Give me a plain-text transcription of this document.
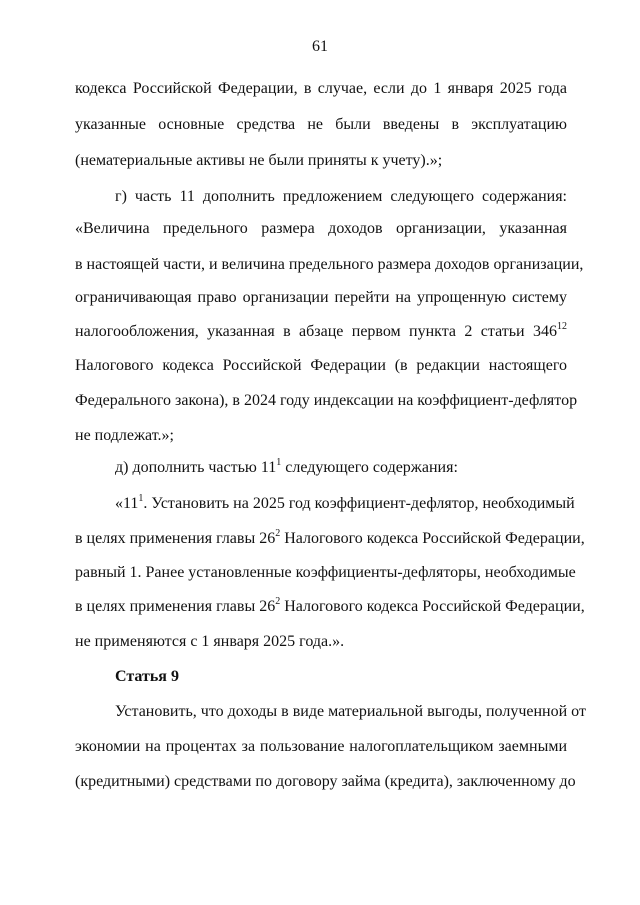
61
кодекса Российской Федерации, в случае, если до 1 января 2025 года
указанные основные средства не были введены в эксплуатацию
(нематериальные активы не были приняты к учету).»;
г) часть 11 дополнить предложением следующего содержания:
«Величина предельного размера доходов организации, указанная
в настоящей части, и величина предельного размера доходов организации,
ограничивающая право организации перейти на упрощенную систему
налогообложения, указанная в абзаце первом пункта 2 статьи $346^{12}$
Налогового кодекса Российской Федерации (в редакции настоящего
Федерального закона), в 2024 году индексации на коэффициент-дефлятор
не подлежат.»;
д) дополнить частью $11^1$ следующего содержания:
«$11^1$. Установить на 2025 год коэффициент-дефлятор, необходимый
в целях применения главы $26^2$ Налогового кодекса Российской Федерации,
равный 1. Ранее установленные коэффициенты-дефляторы, необходимые
в целях применения главы $26^2$ Налогового кодекса Российской Федерации,
не применяются с 1 января 2025 года.».
Статья 9
Установить, что доходы в виде материальной выгоды, полученной от
экономии на процентах за пользование налогоплательщиком заемными
(кредитными) средствами по договору займа (кредита), заключенному до
